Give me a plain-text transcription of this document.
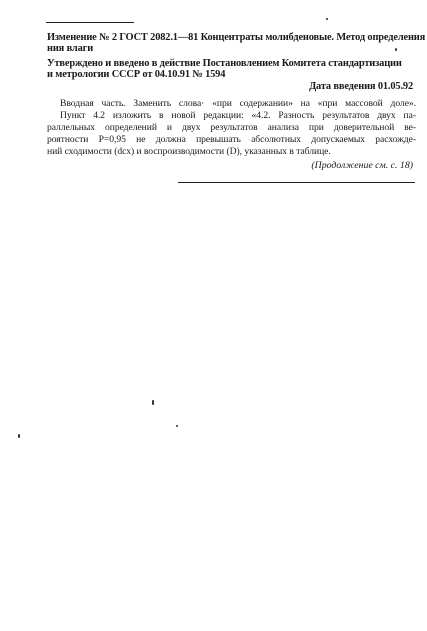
Изменение № 2 ГОСТ 2082.1—81 Концентраты молибденовые. Метод определения
ния влаги
Утверждено и введено в действие Постановлением Комитета стандартизации
и метрологии СССР от 04.10.91 № 1594
Дата введения 01.05.92
Вводная часть. Заменить слова· «при содержании» на «при массовой доле».
Пункт 4.2 изложить в новой редакции: «4.2. Разность результатов двух па-
раллельных определений и двух результатов анализа при доверительной ве-
роятности P=0,95 не должна превышать абсолютных допускаемых расхожде-
ний сходимости (dсх) и воспроизводимости (D), указанных в таблице.
(Продолжение см. с. 18)
